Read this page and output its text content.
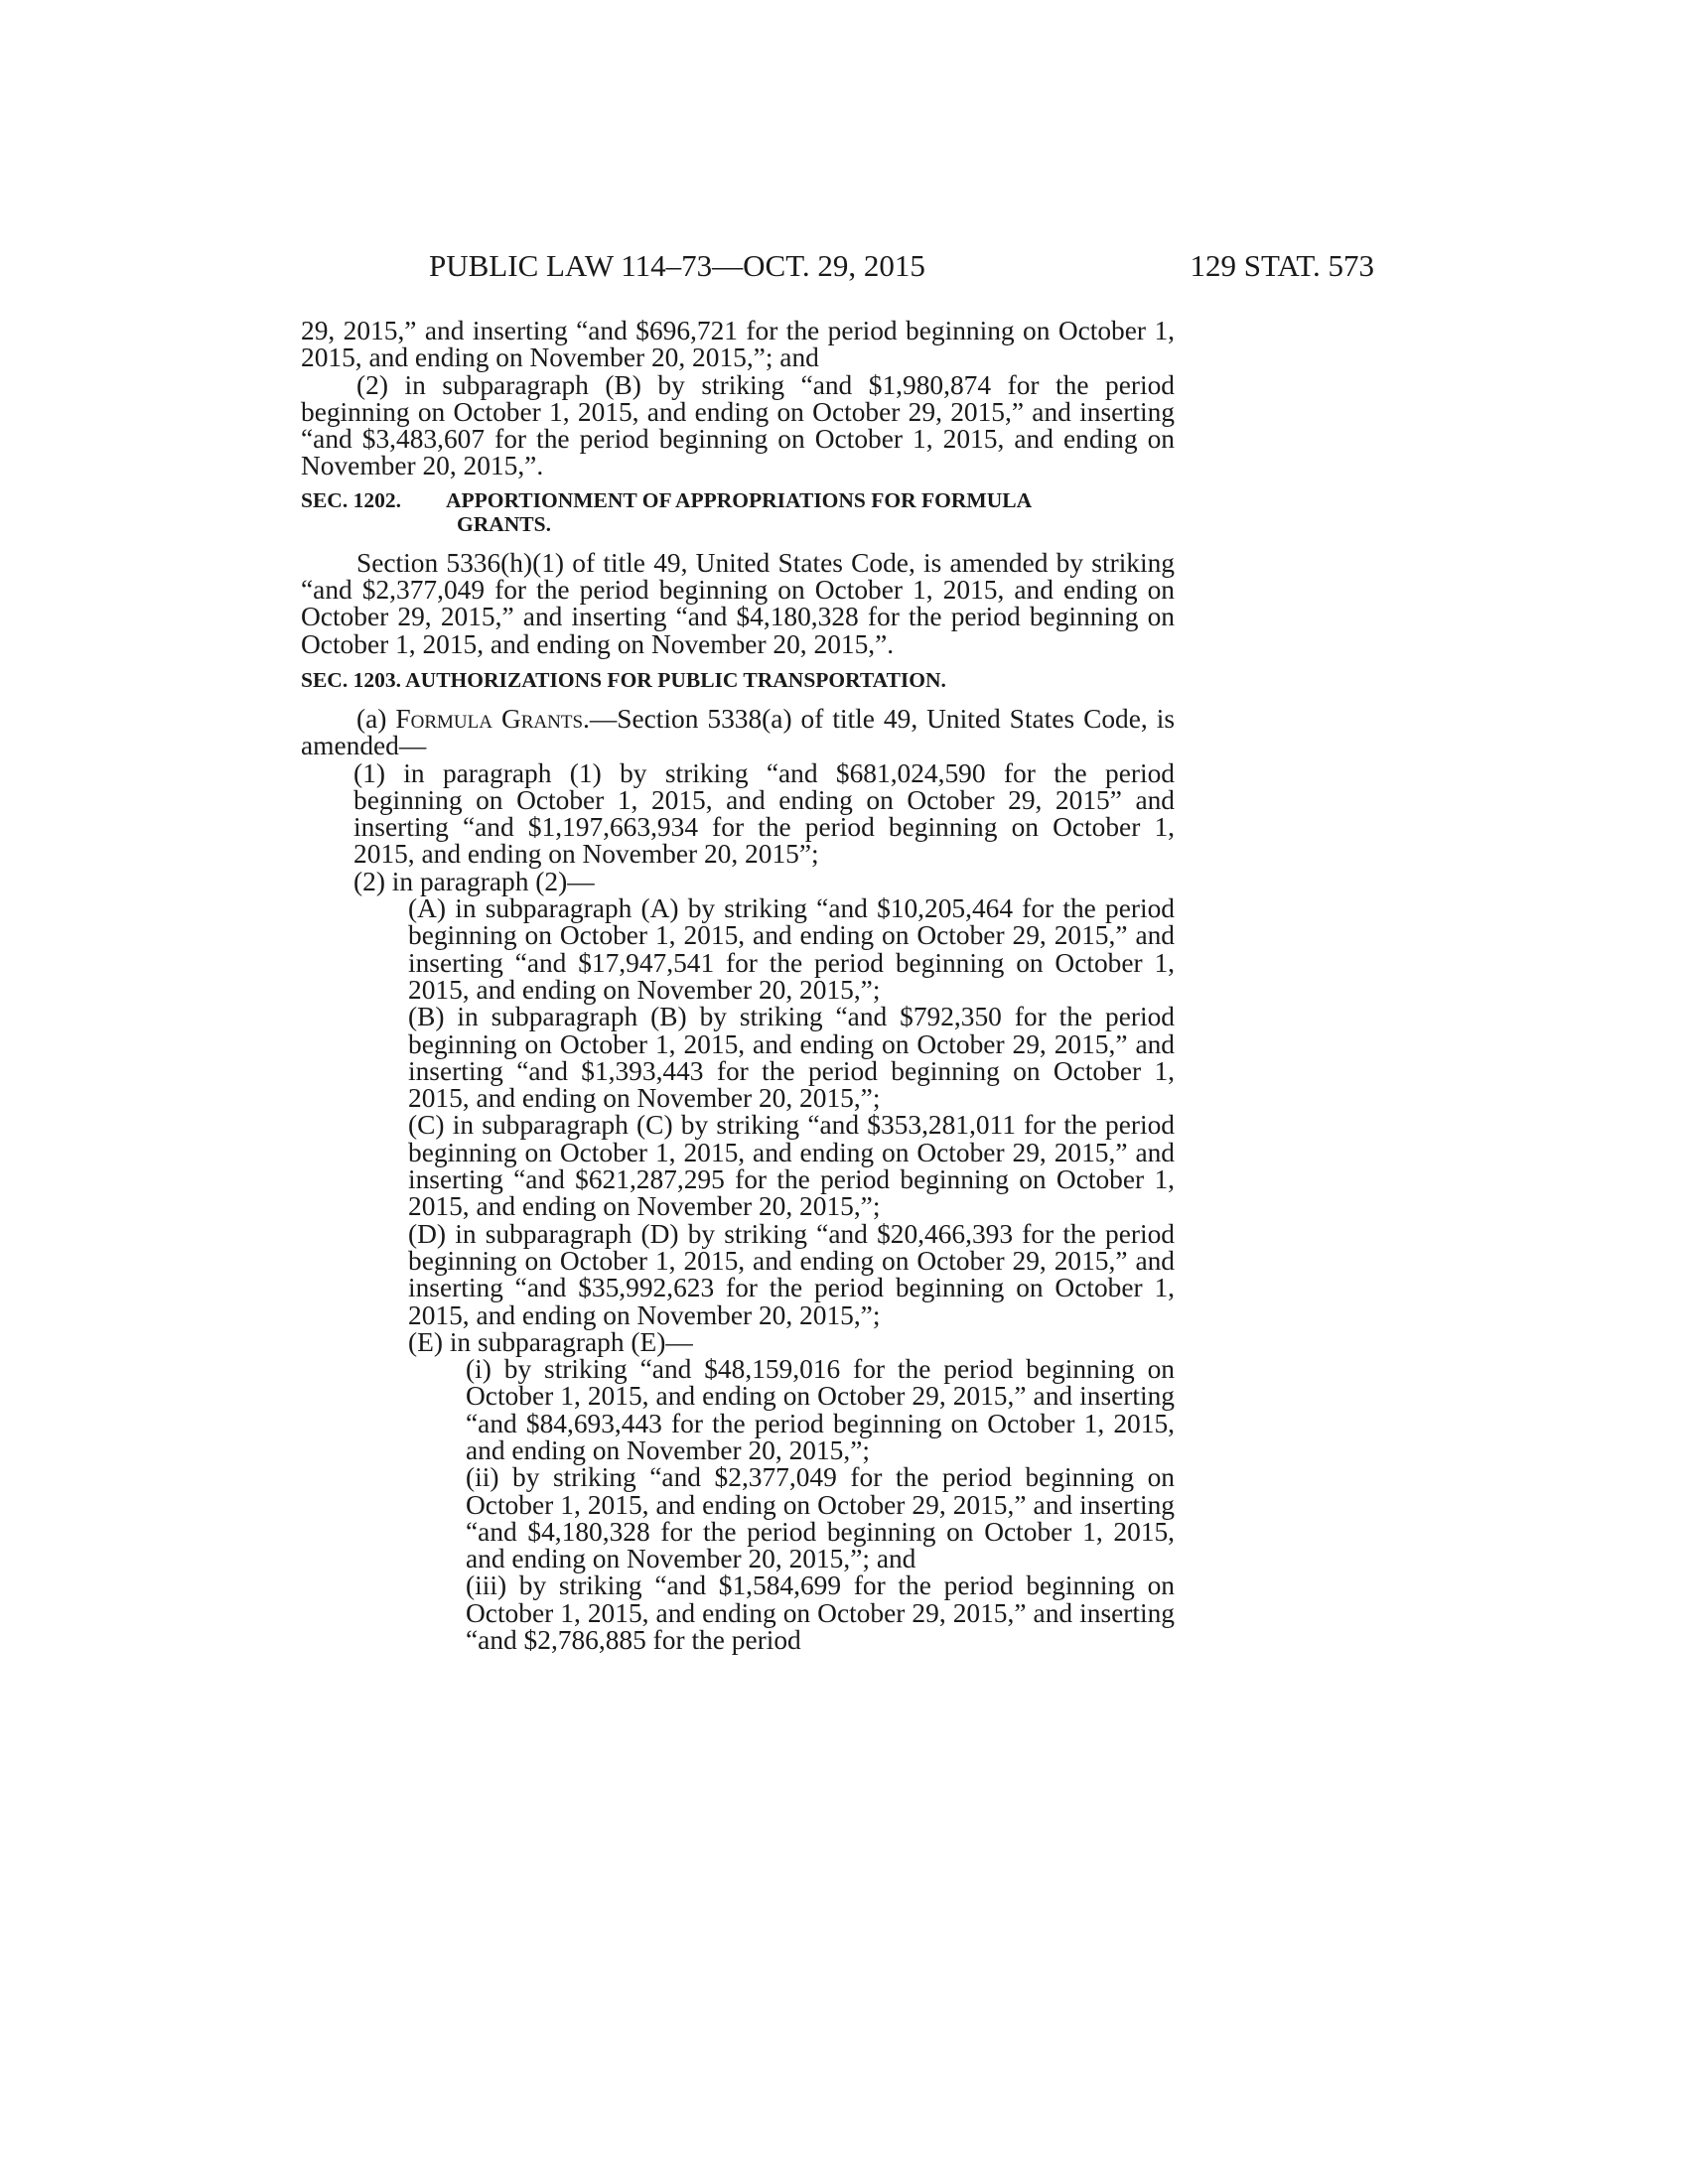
PUBLIC LAW 114–73—OCT. 29, 2015	129 STAT. 573

29, 2015,” and inserting “and $696,721 for the period beginning on October 1, 2015, and ending on November 20, 2015,”; and

(2) in subparagraph (B) by striking “and $1,980,874 for the period beginning on October 1, 2015, and ending on October 29, 2015,” and inserting “and $3,483,607 for the period beginning on October 1, 2015, and ending on November 20, 2015,”.

SEC. 1202. APPORTIONMENT OF APPROPRIATIONS FOR FORMULA
GRANTS.

Section 5336(h)(1) of title 49, United States Code, is amended by striking “and $2,377,049 for the period beginning on October 1, 2015, and ending on October 29, 2015,” and inserting “and $4,180,328 for the period beginning on October 1, 2015, and ending on November 20, 2015,”.

SEC. 1203. AUTHORIZATIONS FOR PUBLIC TRANSPORTATION.

(a) Formula Grants.—Section 5338(a) of title 49, United States Code, is amended—

(1) in paragraph (1) by striking “and $681,024,590 for the period beginning on October 1, 2015, and ending on October 29, 2015” and inserting “and $1,197,663,934 for the period beginning on October 1, 2015, and ending on November 20, 2015”;

(2) in paragraph (2)—

(A) in subparagraph (A) by striking “and $10,205,464 for the period beginning on October 1, 2015, and ending on October 29, 2015,” and inserting “and $17,947,541 for the period beginning on October 1, 2015, and ending on November 20, 2015,”;

(B) in subparagraph (B) by striking “and $792,350 for the period beginning on October 1, 2015, and ending on October 29, 2015,” and inserting “and $1,393,443 for the period beginning on October 1, 2015, and ending on November 20, 2015,”;

(C) in subparagraph (C) by striking “and $353,281,011 for the period beginning on October 1, 2015, and ending on October 29, 2015,” and inserting “and $621,287,295 for the period beginning on October 1, 2015, and ending on November 20, 2015,”;

(D) in subparagraph (D) by striking “and $20,466,393 for the period beginning on October 1, 2015, and ending on October 29, 2015,” and inserting “and $35,992,623 for the period beginning on October 1, 2015, and ending on November 20, 2015,”;

(E) in subparagraph (E)—

(i) by striking “and $48,159,016 for the period beginning on October 1, 2015, and ending on October 29, 2015,” and inserting “and $84,693,443 for the period beginning on October 1, 2015, and ending on November 20, 2015,”;

(ii) by striking “and $2,377,049 for the period beginning on October 1, 2015, and ending on October 29, 2015,” and inserting “and $4,180,328 for the period beginning on October 1, 2015, and ending on November 20, 2015,”; and

(iii) by striking “and $1,584,699 for the period beginning on October 1, 2015, and ending on October 29, 2015,” and inserting “and $2,786,885 for the period
